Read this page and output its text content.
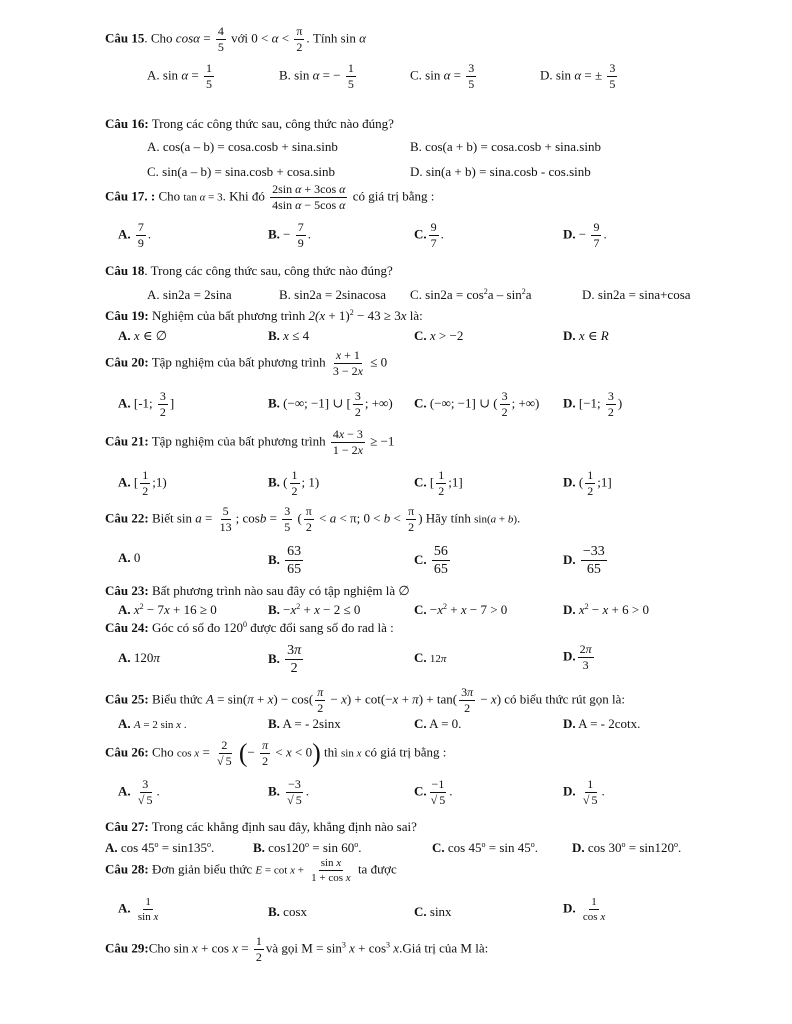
Câu 15. Cho $\cos\alpha = \frac{4}{5}$ với $0 < \alpha < \frac{\pi}{2}$ . Tính sin α
A. $\sin \alpha = \frac{1}{5}$	B. sin α = − $\frac{1}{5}$	C. $\sin \alpha = \frac{3}{5}$	D. sin α = ± $\frac{3}{5}$
Câu 16: Trong các công thức sau, công thức nào đúng?
A. cos(a – b) = cosa.cosb + sina.sinb	B. cos(a + b) = cosa.cosb + sina.sinb
C. sin(a – b) = sina.cosb + cosa.sinb	D. sin(a + b) = sina.cosb - cos.sinb
Câu 17. : Cho tan α = 3. Khi đó $\frac{\text{2sin α + 3cos α}}{\text{4sin α − 5cos α}}$ có giá trị bằng :
A. $\frac{7}{9}$ .	B. − $\frac{7}{9}$ .	C. $\frac{9}{7}$ .	D. − $\frac{9}{7}$ .
Câu 18. Trong các công thức sau, công thức nào đúng?
A. sin2a = 2sina	B. sin2a = 2sinacosa C. $\sin 2a = \cos^2a - \sin^2a$	D. sin2a = sina+cosa
Câu 19: Nghiệm của bất phương trình $2(x + 1)^2 - 43 \ge 3x$ là:
A. x ∈ ∅	B. x ≤ 4	C. x > −2	D. x ∈ R
Câu 20: Tập nghiệm của bất phương trình $\frac{x + 1}{3 - 2x} \le 0$
A. [-1; $\frac{3}{2}$ ]	B. (−∞; −1] ∪ [ $\frac{3}{2}$ ; +∞) C. (−∞; −1] ∪ ( $\frac{3}{2}$ ; +∞) D. [−1; $\frac{3}{2}$ )
Câu 21: Tập nghiệm của bất phương trình $\frac{4x - 3}{1 - 2x} \ge -1$
A. [ $\frac{1}{2}$ ;1)	B. ( $\frac{1}{2}$ ; 1)	C. [ $\frac{1}{2}$ ;1]	D. ( $\frac{1}{2}$ ;1]
Câu 22: Biết $\sin a = \frac{5}{13}$ ; $\cos b = \frac{3}{5}$ ( $\frac{\pi}{2} < a < \pi$; $0 < b < \frac{\pi}{2}$ ) Hãy tính sin(a + b).
A. 0	B. $\frac{63}{65}$	C. $\frac{56}{65}$	D. $\frac{-33}{65}$
Câu 23: Bất phương trình nào sau đây có tập nghiệm là ∅
A. $x^2 - 7x + 16 \ge 0$	B. $-x^2 + x - 2 \le 0$	C. $-x^2 + x - 7 > 0$	D. $x^2 - x + 6 > 0$
Câu 24: Góc có số đo $120^0$ được đổi sang số đo rad là :
A. 120π	B. $\frac{3\pi}{2}$	C. 12π	D. $\frac{2\pi}{3}$
Câu 25: Biểu thức $A = \sin(\pi + x) - \cos( \frac{\pi}{2} - x) + \cot(-x + \pi) + \tan( \frac{3\pi}{2} - x)$ có biểu thức rút gọn là:
A. A = 2 sin x .	B. A = - 2sinx	C. A = 0.	D. A = - 2cotx.
Câu 26: Cho $\cos x = \frac{2}{√ 5}$ (− $\frac{\pi}{2} < x < 0$) thì sin x có giá trị bằng :
A. $\frac{3}{√ 5}$ .	B. $\frac{-3}{√ 5}$ .	C. $\frac{-1}{√ 5}$ .	D. $\frac{1}{√ 5}$ .
Câu 27: Trong các khẳng định sau đây, khẳng định nào sai?
A. $\cos 45^o = \sin 135^o$.	B. $\cos 120^o = \sin 60^o$.	C. $\cos 45^o = \sin 45^o$.	D. $\cos 30^o = \sin 120^o$.
Câu 28: Đơn giản biểu thức $E = \cot x + \frac{\text{sin x}}{\text{1 + cos x}}$ ta được
A. $\frac{1}{\text{sin x}}$	B. cosx	C. sinx	D. $\frac{1}{\text{cos x}}$
Câu 29:Cho $\sin x + \cos x = \frac{1}{2}$ và gọi $M = \sin^3 x + \cos^3$ x.Giá trị của M là:
